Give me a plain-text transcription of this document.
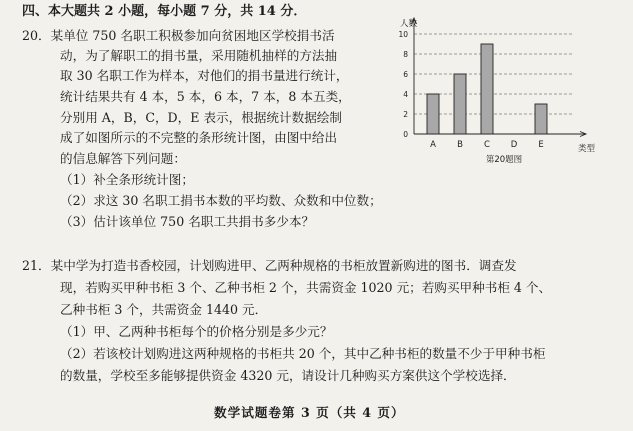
四、本大题共 2 小题，每小题 7 分，共 14 分．
20．某单位 750 名职工积极参加向贫困地区学校捐书活
动，为了解职工的捐书量，采用随机抽样的方法抽
取 30 名职工作为样本，对他们的捐书量进行统计，
统计结果共有 4 本，5 本，6 本，7 本，8 本五类，
分别用 A，B，C，D，E 表示，根据统计数据绘制
成了如图所示的不完整的条形统计图，由图中给出
的信息解答下列问题：
（1）补全条形统计图；
（2）求这 30 名职工捐书本数的平均数、众数和中位数；
（3）估计该单位 750 名职工共捐书多少本？
0
2
4
6
8
10
人数
类型
A B C D E
第20题图
21．某中学为打造书香校园，计划购进甲、乙两种规格的书柜放置新购进的图书．调查发
现，若购买甲种书柜 3 个、乙种书柜 2 个，共需资金 1020 元；若购买甲种书柜 4 个、
乙种书柜 3 个，共需资金 1440 元．
（1）甲、乙两种书柜每个的价格分别是多少元？
（2）若该校计划购进这两种规格的书柜共 20 个，其中乙种书柜的数量不少于甲种书柜
的数量，学校至多能够提供资金 4320 元，请设计几种购买方案供这个学校选择．
数学试题卷第 3 页（共 4 页）
